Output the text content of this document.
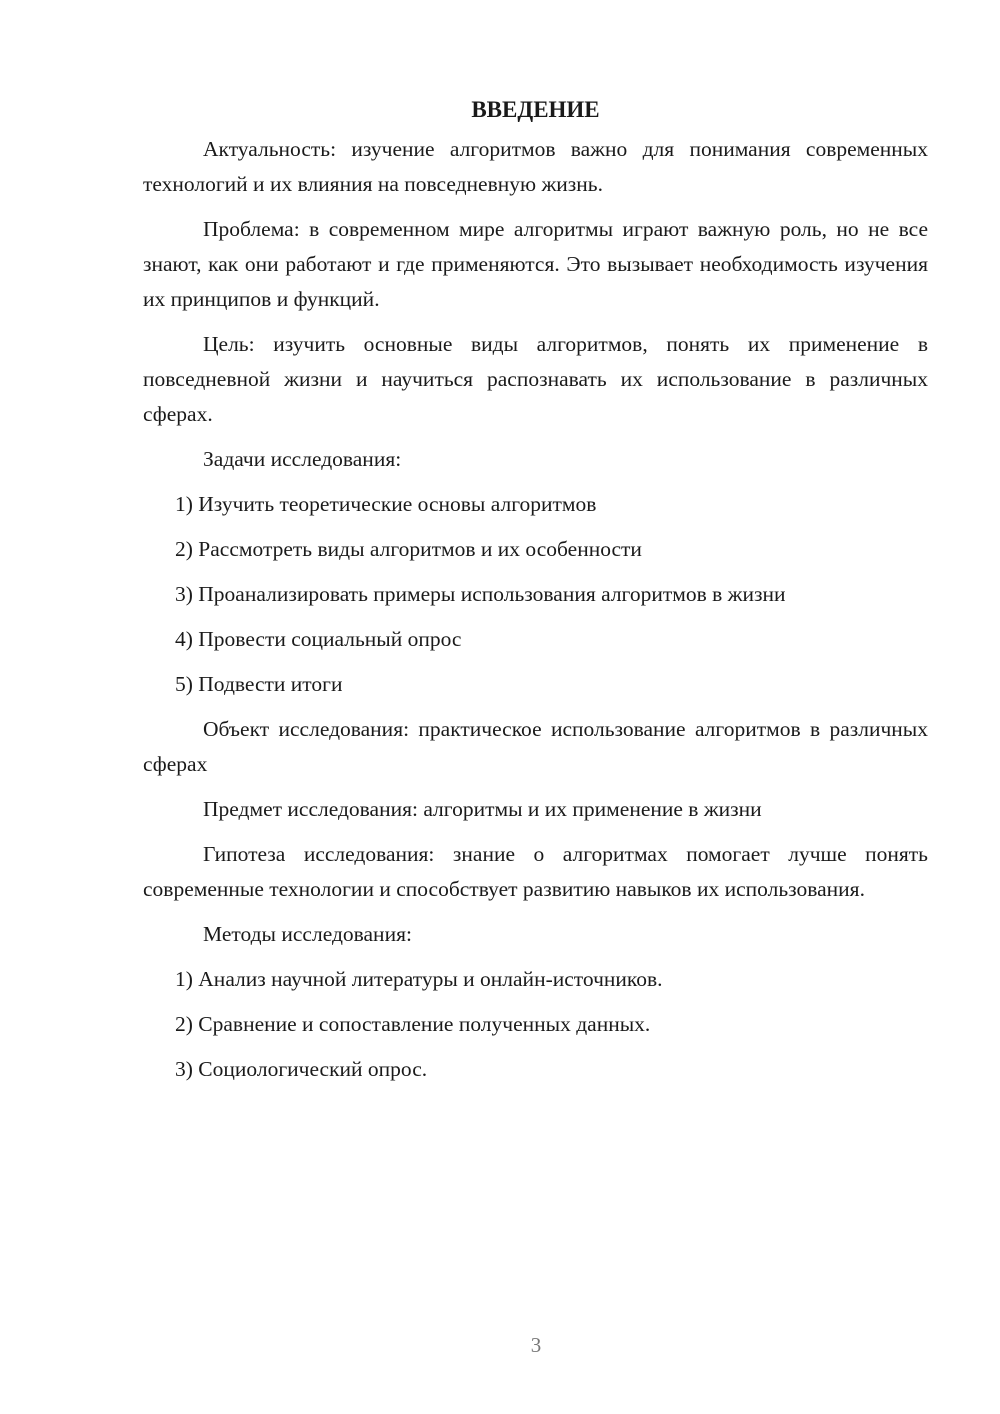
ВВЕДЕНИЕ

Актуальность: изучение алгоритмов важно для понимания современных технологий и их влияния на повседневную жизнь.

Проблема: в современном мире алгоритмы играют важную роль, но не все знают, как они работают и где применяются. Это вызывает необходимость изучения их принципов и функций.

Цель: изучить основные виды алгоритмов, понять их применение в повседневной жизни и научиться распознавать их использование в различных сферах.

Задачи исследования:

1) Изучить теоретические основы алгоритмов
2) Рассмотреть виды алгоритмов и их особенности
3) Проанализировать примеры использования алгоритмов в жизни
4) Провести социальный опрос
5) Подвести итоги

Объект исследования: практическое использование алгоритмов в различных сферах

Предмет исследования: алгоритмы и их применение в жизни

Гипотеза исследования: знание о алгоритмах помогает лучше понять современные технологии и способствует развитию навыков их использования.

Методы исследования:

1) Анализ научной литературы и онлайн-источников.
2) Сравнение и сопоставление полученных данных.
3) Социологический опрос.
3
